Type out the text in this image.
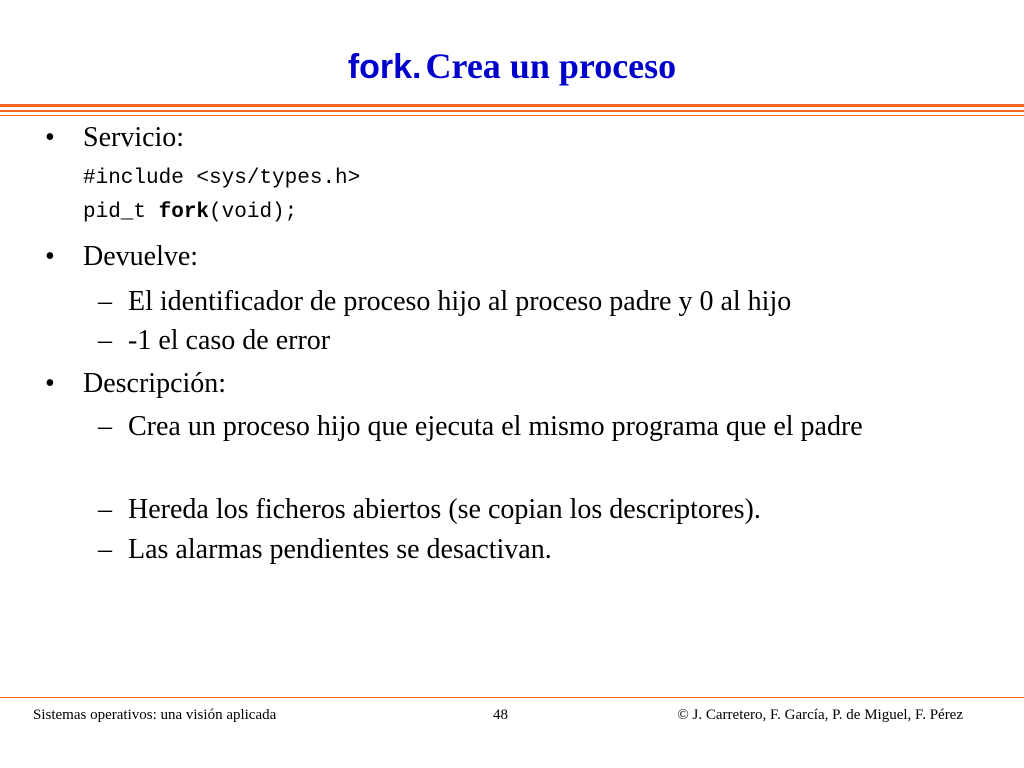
fork. Crea un proceso
• Servicio:
#include <sys/types.h>
pid_t fork(void);
• Devuelve:
– El identificador de proceso hijo al proceso padre y 0 al hijo
– -1 el caso de error
• Descripción:
– Crea un proceso hijo que ejecuta el mismo programa que el padre
– Hereda los ficheros abiertos (se copian los descriptores).
– Las alarmas pendientes se desactivan.
Sistemas operativos: una visión aplicada	48	© J. Carretero, F. García, P. de Miguel, F. Pérez
